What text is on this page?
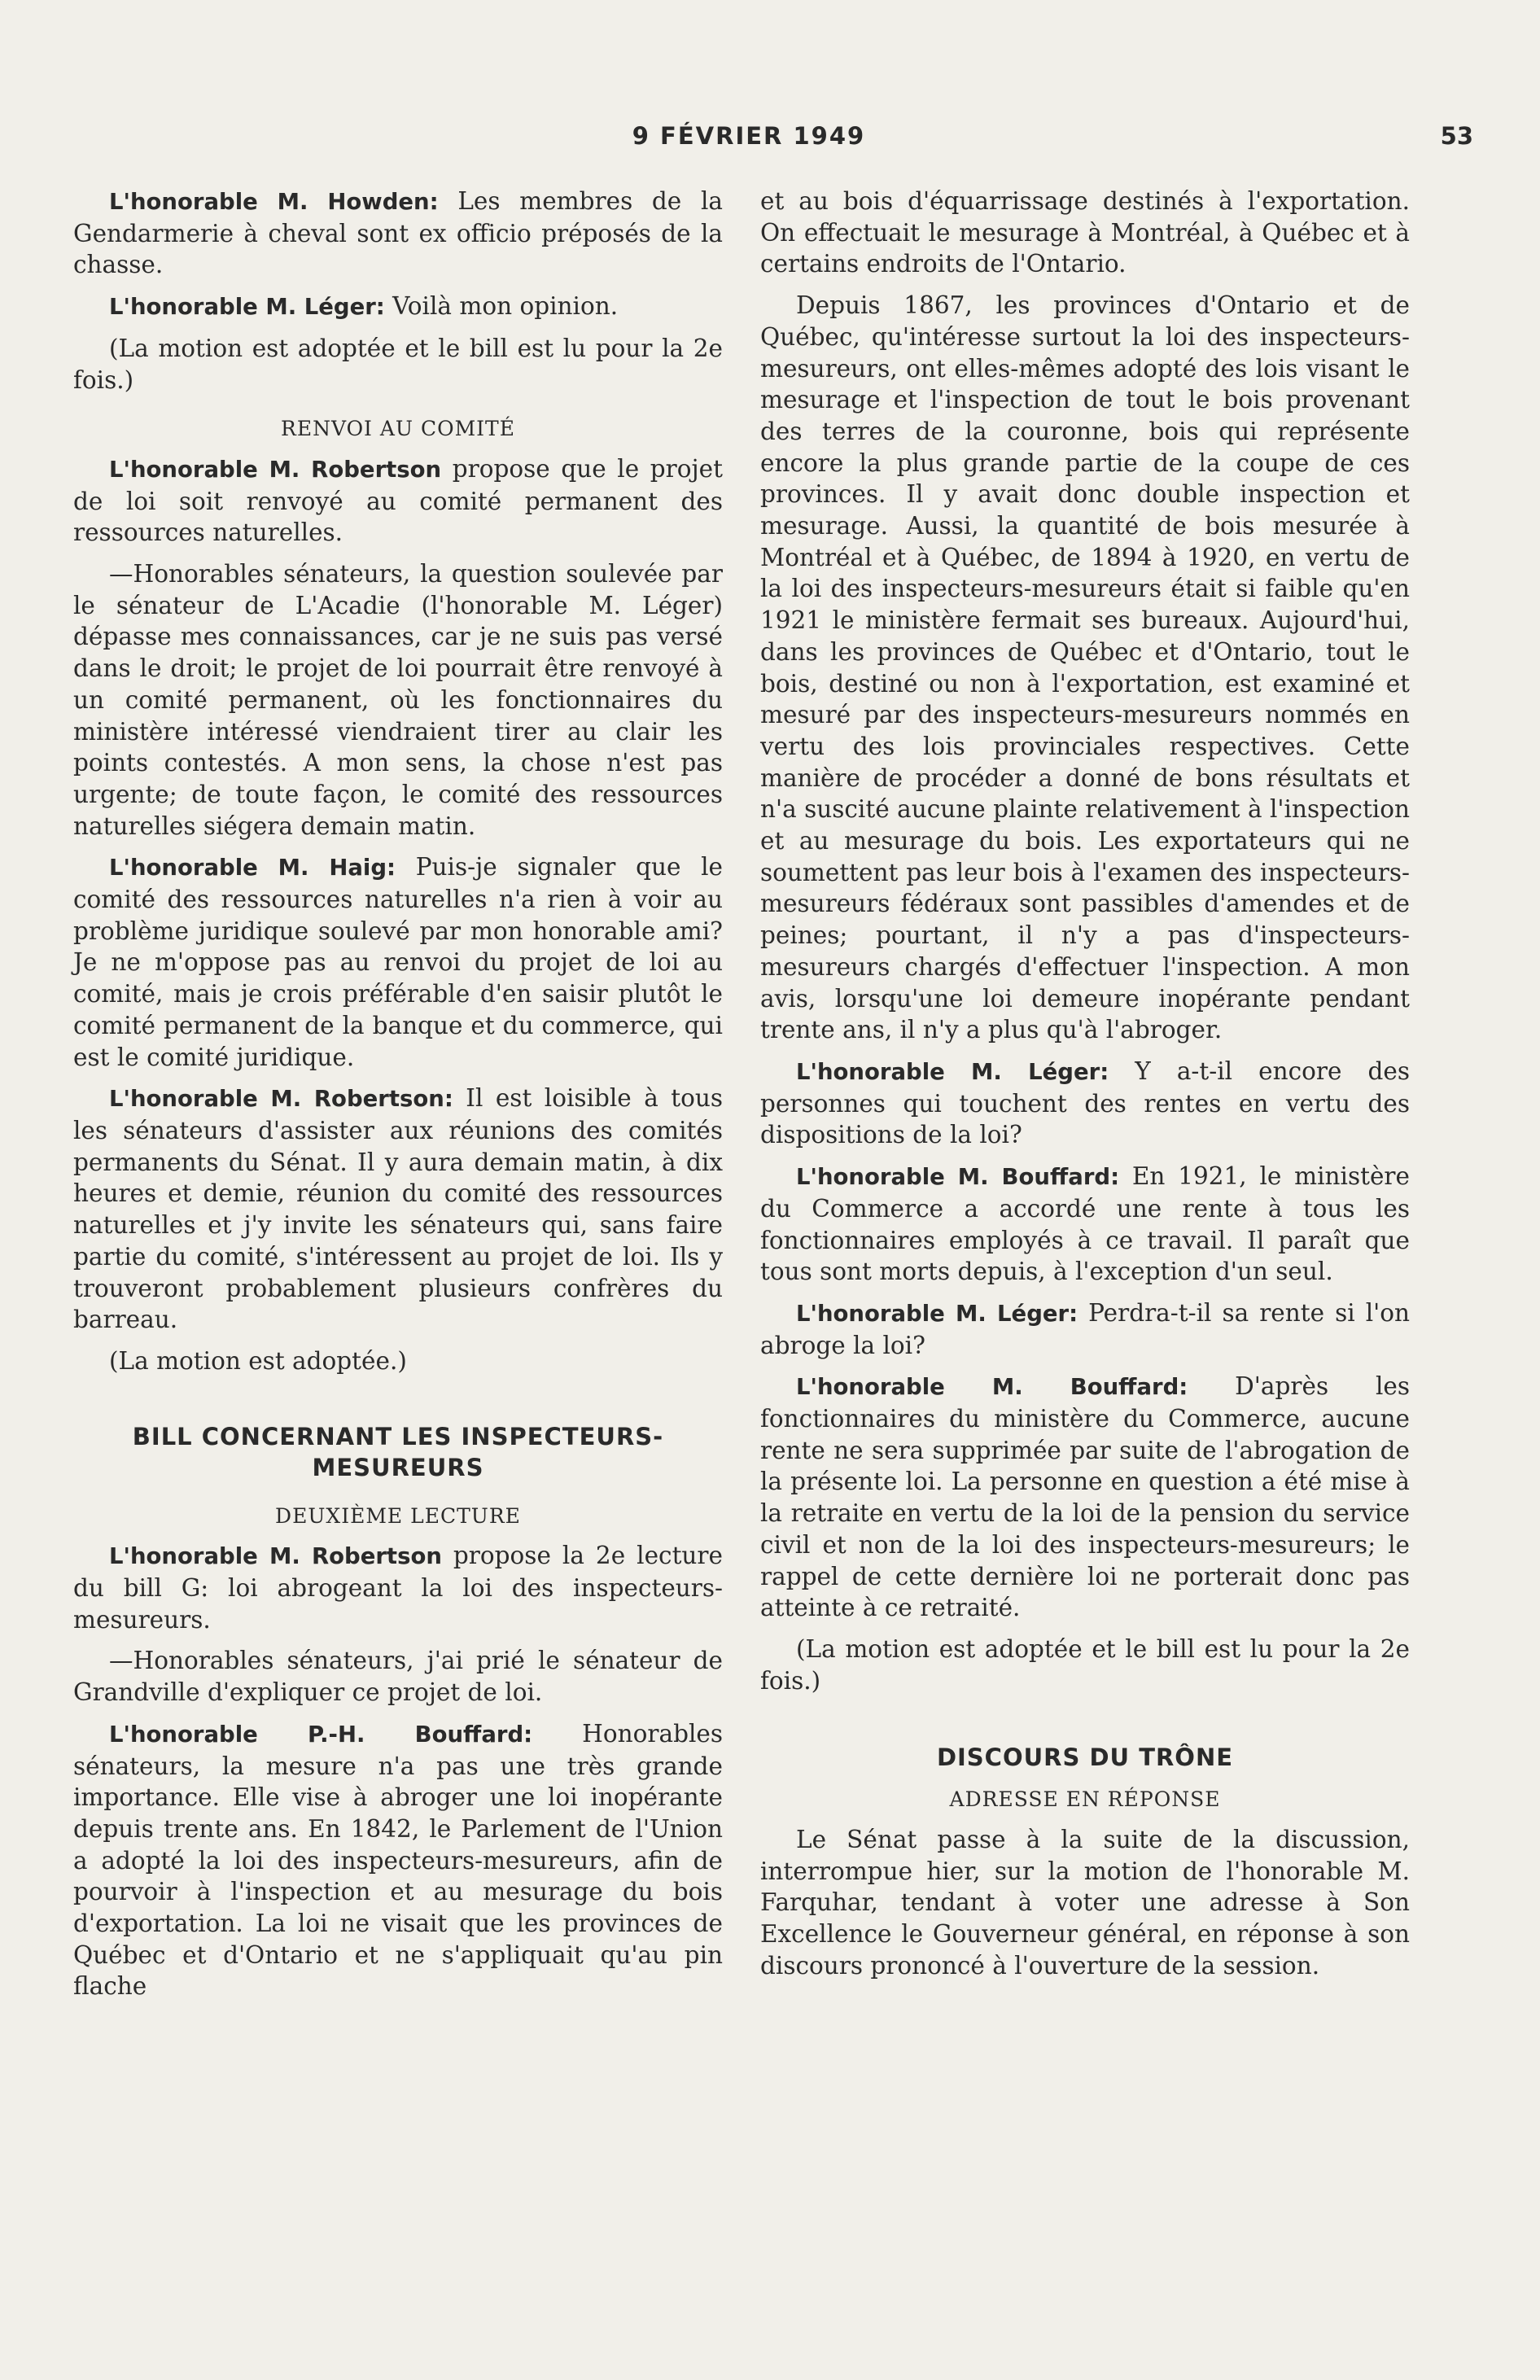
9 FÉVRIER 1949	53

L'honorable M. Howden: Les membres de la Gendarmerie à cheval sont ex officio préposés de la chasse.

L'honorable M. Léger: Voilà mon opinion.

(La motion est adoptée et le bill est lu pour la 2e fois.)

RENVOI AU COMITÉ

L'honorable M. Robertson propose que le projet de loi soit renvoyé au comité permanent des ressources naturelles.

—Honorables sénateurs, la question soulevée par le sénateur de L'Acadie (l'honorable M. Léger) dépasse mes connaissances, car je ne suis pas versé dans le droit; le projet de loi pourrait être renvoyé à un comité permanent, où les fonctionnaires du ministère intéressé viendraient tirer au clair les points contestés. A mon sens, la chose n'est pas urgente; de toute façon, le comité des ressources naturelles siégera demain matin.

L'honorable M. Haig: Puis-je signaler que le comité des ressources naturelles n'a rien à voir au problème juridique soulevé par mon honorable ami? Je ne m'oppose pas au renvoi du projet de loi au comité, mais je crois préférable d'en saisir plutôt le comité permanent de la banque et du commerce, qui est le comité juridique.

L'honorable M. Robertson: Il est loisible à tous les sénateurs d'assister aux réunions des comités permanents du Sénat. Il y aura demain matin, à dix heures et demie, réunion du comité des ressources naturelles et j'y invite les sénateurs qui, sans faire partie du comité, s'intéressent au projet de loi. Ils y trouveront probablement plusieurs confrères du barreau.

(La motion est adoptée.)

BILL CONCERNANT LES INSPECTEURS-MESUREURS
DEUXIÈME LECTURE

L'honorable M. Robertson propose la 2e lecture du bill G: loi abrogeant la loi des inspecteurs-mesureurs.

—Honorables sénateurs, j'ai prié le sénateur de Grandville d'expliquer ce projet de loi.

L'honorable P.-H. Bouffard: Honorables sénateurs, la mesure n'a pas une très grande importance. Elle vise à abroger une loi inopérante depuis trente ans. En 1842, le Parlement de l'Union a adopté la loi des inspecteurs-mesureurs, afin de pourvoir à l'inspection et au mesurage du bois d'exportation. La loi ne visait que les provinces de Québec et d'Ontario et ne s'appliquait qu'au pin flache

et au bois d'équarrissage destinés à l'exportation. On effectuait le mesurage à Montréal, à Québec et à certains endroits de l'Ontario.

Depuis 1867, les provinces d'Ontario et de Québec, qu'intéresse surtout la loi des inspecteurs-mesureurs, ont elles-mêmes adopté des lois visant le mesurage et l'inspection de tout le bois provenant des terres de la couronne, bois qui représente encore la plus grande partie de la coupe de ces provinces. Il y avait donc double inspection et mesurage. Aussi, la quantité de bois mesurée à Montréal et à Québec, de 1894 à 1920, en vertu de la loi des inspecteurs-mesureurs était si faible qu'en 1921 le ministère fermait ses bureaux. Aujourd'hui, dans les provinces de Québec et d'Ontario, tout le bois, destiné ou non à l'exportation, est examiné et mesuré par des inspecteurs-mesureurs nommés en vertu des lois provinciales respectives. Cette manière de procéder a donné de bons résultats et n'a suscité aucune plainte relativement à l'inspection et au mesurage du bois. Les exportateurs qui ne soumettent pas leur bois à l'examen des inspecteurs-mesureurs fédéraux sont passibles d'amendes et de peines; pourtant, il n'y a pas d'inspecteurs-mesureurs chargés d'effectuer l'inspection. A mon avis, lorsqu'une loi demeure inopérante pendant trente ans, il n'y a plus qu'à l'abroger.

L'honorable M. Léger: Y a-t-il encore des personnes qui touchent des rentes en vertu des dispositions de la loi?

L'honorable M. Bouffard: En 1921, le ministère du Commerce a accordé une rente à tous les fonctionnaires employés à ce travail. Il paraît que tous sont morts depuis, à l'exception d'un seul.

L'honorable M. Léger: Perdra-t-il sa rente si l'on abroge la loi?

L'honorable M. Bouffard: D'après les fonctionnaires du ministère du Commerce, aucune rente ne sera supprimée par suite de l'abrogation de la présente loi. La personne en question a été mise à la retraite en vertu de la loi de la pension du service civil et non de la loi des inspecteurs-mesureurs; le rappel de cette dernière loi ne porterait donc pas atteinte à ce retraité.

(La motion est adoptée et le bill est lu pour la 2e fois.)

DISCOURS DU TRÔNE
ADRESSE EN RÉPONSE

Le Sénat passe à la suite de la discussion, interrompue hier, sur la motion de l'honorable M. Farquhar, tendant à voter une adresse à Son Excellence le Gouverneur général, en réponse à son discours prononcé à l'ouverture de la session.
